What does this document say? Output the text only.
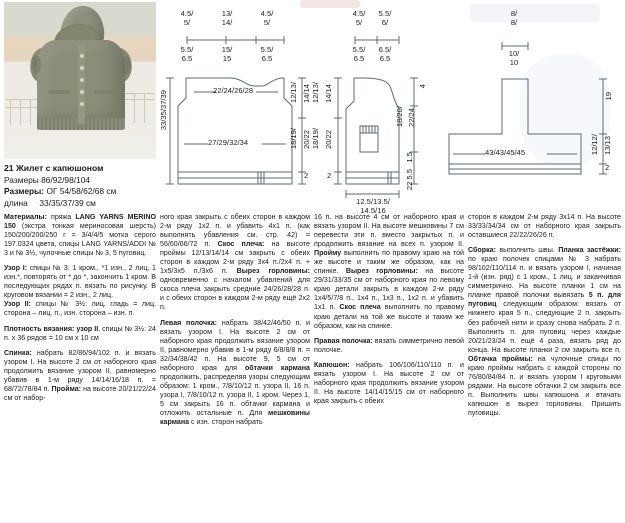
21 Жилет с капюшоном
Размеры 86/92/98/104
Размеры: ОГ 54/58/62/68 см
длина 33/35/37/39 см

Материалы: пряжа LANG YARNS MERINO 150 (экстра тонкая мериносовая шерсть) 150/200/200/250 г = 3/4/4/5 мотка серого 197.0324 цвета, спицы LANG YARNS/ADDI № 3 и № 3½, чулочные спицы № 3, 5 пуговиц.

Узор I: спицы № 3: 1 кром., *1 изн., 2 лиц, 1 изн.*, повторять от * до *, закончить 1 кром. В последующих рядах п. вязать по рисунку. В круговом вязании = 2 изн., 2 лиц.

Узор II: спицы № 3½: лиц. гладь = лиц. сторона – лиц. п., изн. сторона – изн. п.

Плотность вязания: узор II, спицы № 3½: 24 п. х 36 рядов = 10 см х 10 см

Спинка: набрать 82/86/94/102 п. и вязать узором I. На высоте 2 см от наборного края продолжить вязание узором II, равномерно убавив в 1-м ряду 14/14/16/18 п. = 68/72/78/84 п. Пройма: на высоте 20/21/22/24 см от набор-

ного края закрыть с обеих сторон в каждом 2-м ряду 1х2 п. и убавить 4х1 п. (как выполнять убавления см. стр. 42) = 56/60/66/72 п. Скос плеча: на высоте проймы 12/13/14/14 см закрыть с обеих сторон в каждом 2-м ряду 3х4 п./2х4 п. + 1х5/3х5 п./3х6 п. Вырез горловины: одновременно с началом убавлений для скоса плеча закрыть средние 24/26/28/28 п. и с обеих сторон в каждом 2-м ряду ещё 2х2 п.

Левая полочка: набрать 38/42/46/50 п. и вязать узором I. На высоте 2 см от наборного края продолжить вязание узором II, равномерно убавив в 1-м ряду 6/8/8/8 п. = 32/34/38/42 п. На высоте 9, 5 см от наборного края для обтачки кармана продолжить, распределяя узоры следующим образом: 1 кром., 7/8/10/12 п. узора II, 16 п. узора I, 7/8/10/12 п. узора II, 1 кром. Через 1, 5 см закрыть 16 п. обтачки кармана и отложить остальные п. Для мешковины кармана с изн. сторон набрать

16 п. на высоте 4 см от наборного края и вязать узором II. На высоте мешковины 7 см перевести эти п. вместо закрытых п. и продолжить вязание на всех п. узором II. Пройму выполнить по правому краю на той же высоте и таким же образом, как на спинке. Вырез горловины: на высоте 29/31/33/35 см от наборного края по левому краю детали закрыть в каждом 2-м ряду 1х4/5/7/8 п., 1х4 п., 1х3 п., 1х2 п. и убавить 1х1 п. Скос плеча выполнить по правому краю детали на той же высоте и таким же образом, как на спинке.

Правая полочка: вязать симметрично левой полочке.

Капюшон: набрать 106/106/110/110 п. и вязать узором I. На высоте 2 см от наборного края продолжить вязание узором II. На высоте 14/14/15/15 см от наборного края закрыть с обеих

сторон в каждом 2-м ряду 3х14 п. На высоте 33/33/34/34 см от наборного края закрыть оставшиеся 22/22/26/26 п.

Сборка: выполнить швы. Планка застёжки: по краю полочек спицами № 3 набрать 98/102/110/114 п. и вязать узором I, начиная 1-й (изн. ряд) с 1 кром., 1 лиц. и заканчивая симметрично. На высоте планки 1 см на планке правой полочки вывязать 5 п. для пуговиц следующим образом: вязать от нижнего края 5 п., следующие 2 п. закрыть без рабочей нити и сразу снова набрать 2 п. Выполнить п. для пуговиц через каждые 20/21/23/24 п. ещё 4 раза, вязать ряд до конца. На высоте планки 2 см закрыть все п. Обтачка проймы: на чулочные спицы по краю проймы набрать с каждой стороны по 76/80/84/84 п. и вязать узором I круговыми рядами. На высоте обтачки 2 см закрыть все п. Выполнить швы капюшона и втачать капюшон в вырез горловины. Пришить пуговицы.

4.5/
5/
13/
14/
4.5/
5/
5.5/
6.5
15/
15
5.5/
6.5
33/35/37/39	22/24/26/28
27/29/32/34
12/13/
18/19/
14/14
20/22
2
4.5/
5/
5.5/
6/
5.5/
6.5
6.5/
6.5
12/13/ 14/14
18/19/ 20/22
2
4
18/20/ 22/24
1.5
22 5.5
12.5/13.5/
14.5/16
8/
8/
10/
10
43/43/45/45
19
12/12/ 13/13
2
